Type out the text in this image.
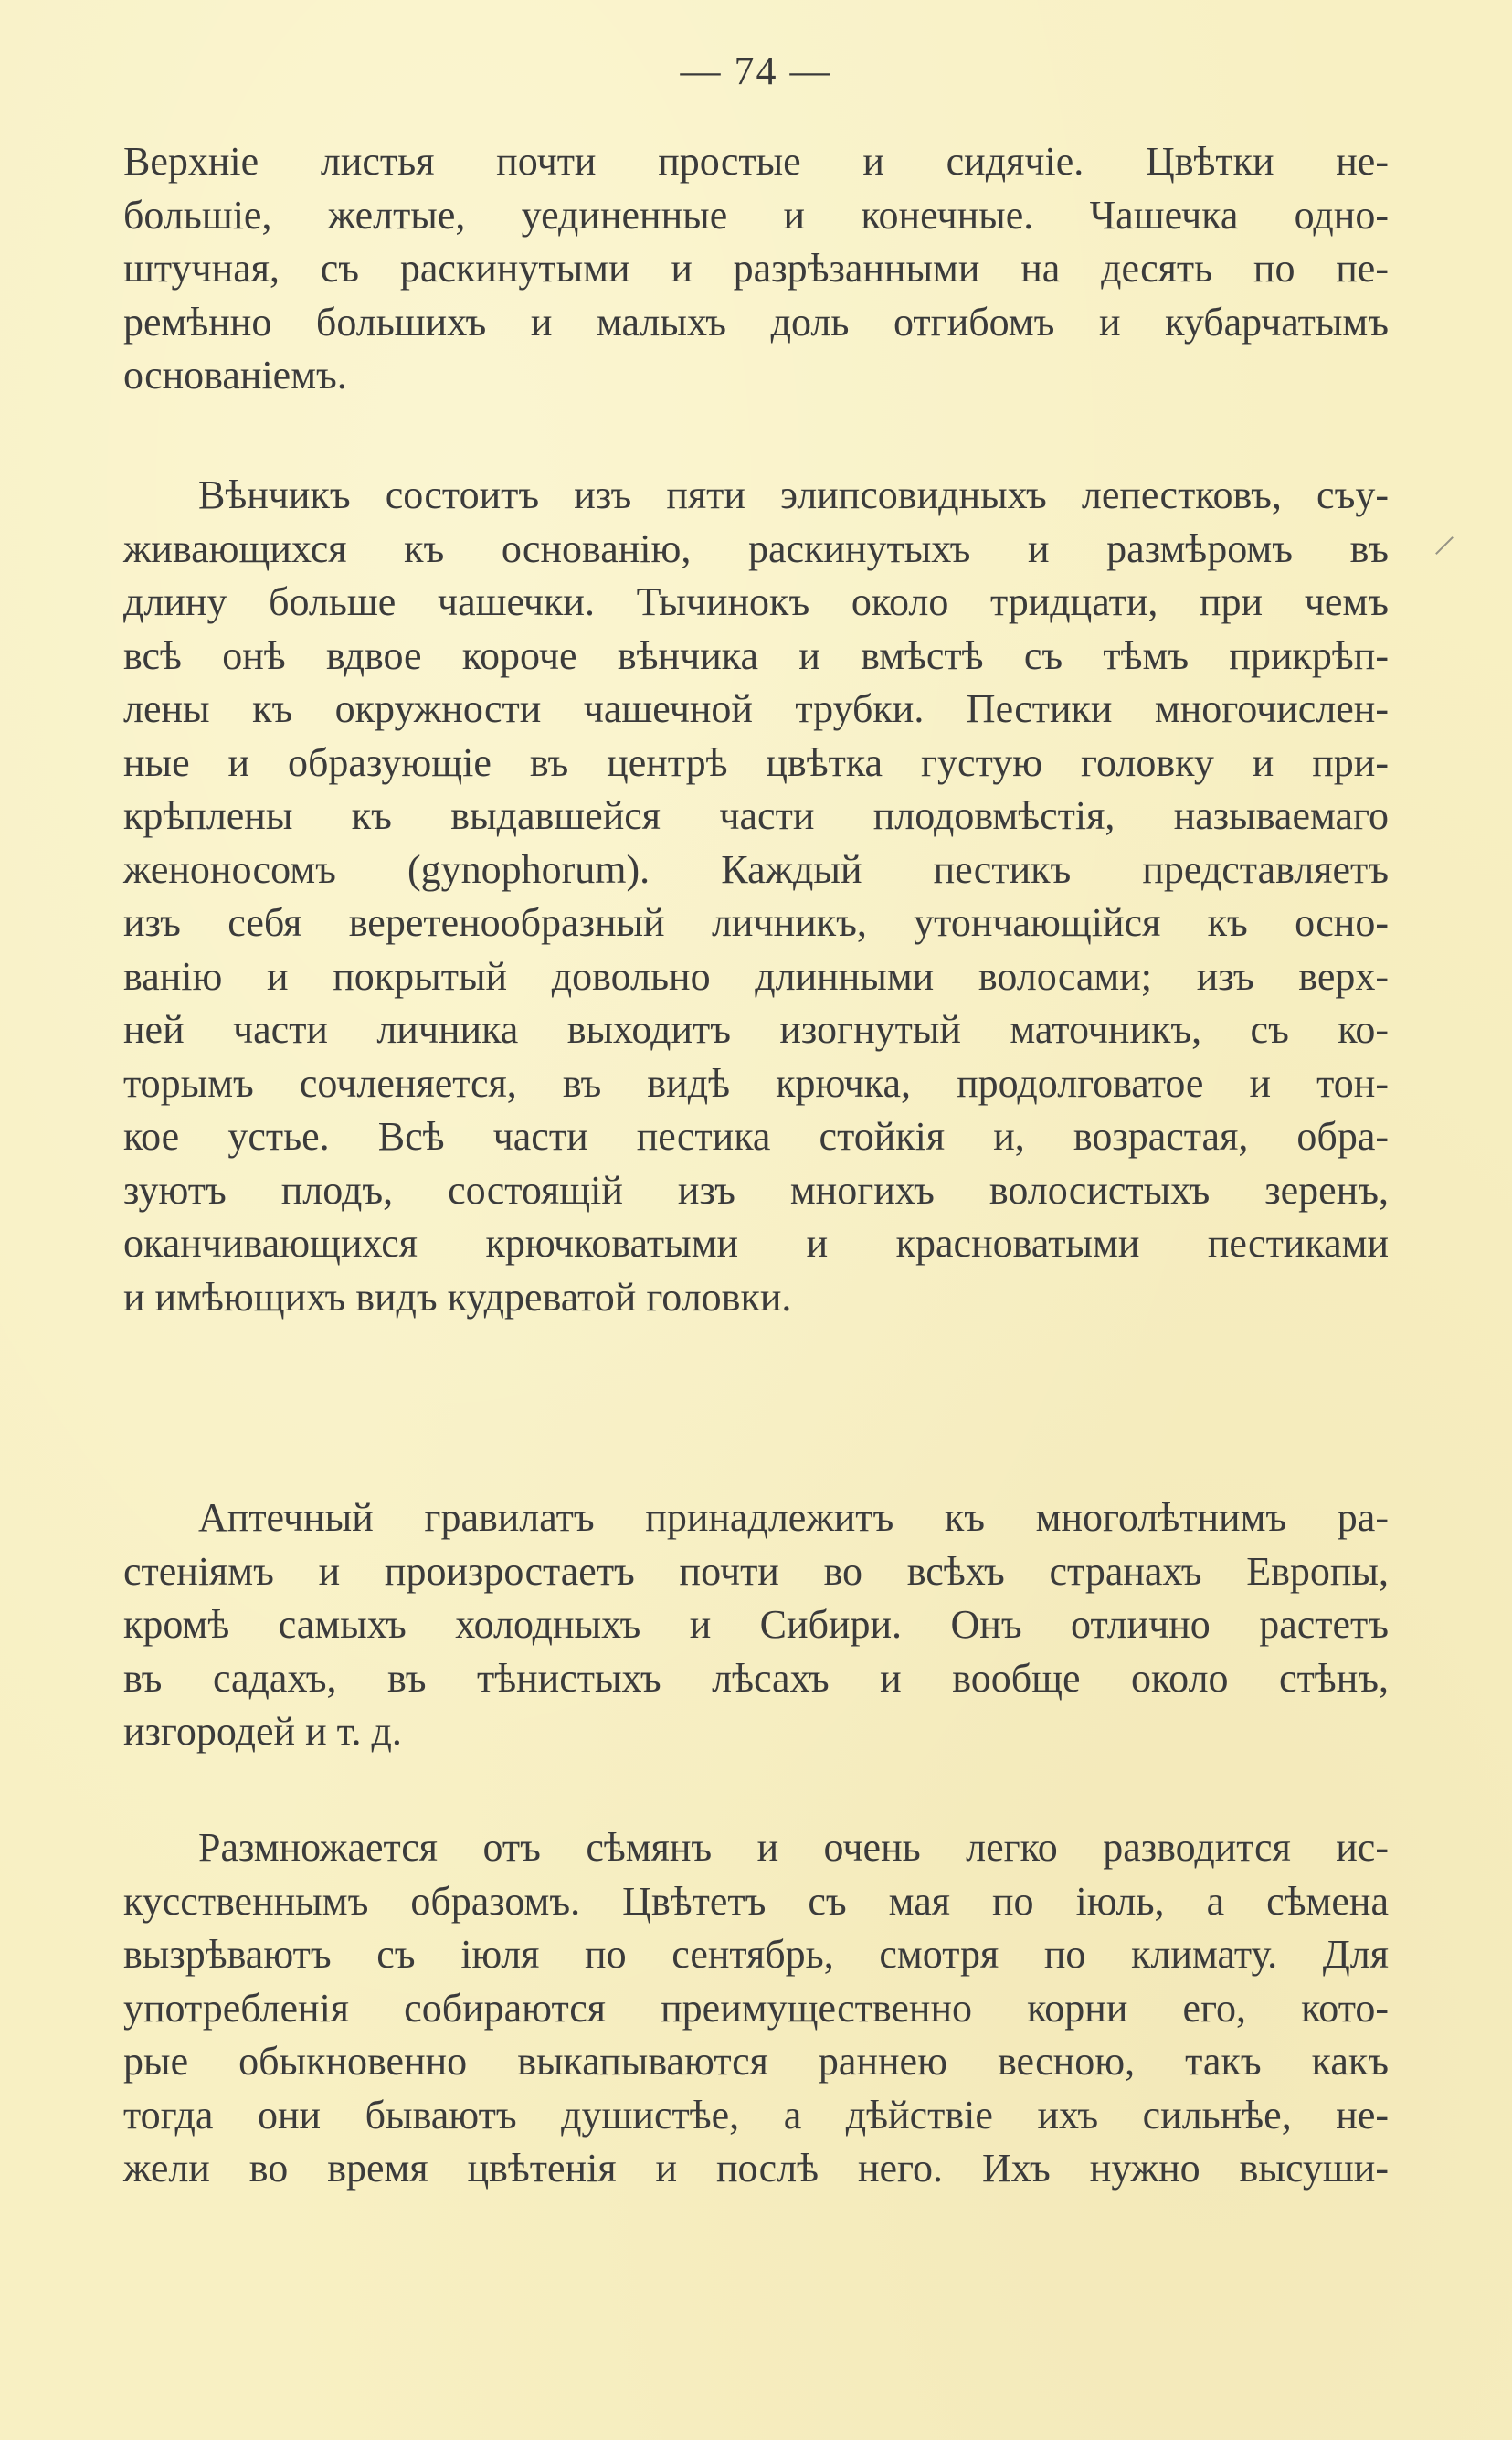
— 74 —
Верхніе листья почти простые и сидячіе. Цвѣтки не-
большіе, желтые, уединенные и конечные. Чашечка одно-
штучная, съ раскинутыми и разрѣзанными на десять по пе-
ремѣнно большихъ и малыхъ доль отгибомъ и кубарчатымъ
основаніемъ.
Вѣнчикъ состоитъ изъ пяти элипсовидныхъ лепестковъ, съу-
живающихся къ основанію, раскинутыхъ и размѣромъ въ
длину больше чашечки. Тычинокъ около тридцати, при чемъ
всѣ онѣ вдвое короче вѣнчика и вмѣстѣ съ тѣмъ прикрѣп-
лены къ окружности чашечной трубки. Пестики многочислен-
ные и образующіе въ центрѣ цвѣтка густую головку и при-
крѣплены къ выдавшейся части плодовмѣстія, называемаго
женоносомъ (gynophorum). Каждый пестикъ представляетъ
изъ себя веретенообразный личникъ, утончающійся къ осно-
ванію и покрытый довольно длинными волосами; изъ верх-
ней части личника выходитъ изогнутый маточникъ, съ ко-
торымъ сочленяется, въ видѣ крючка, продолговатое и тон-
кое устье. Всѣ части пестика стойкія и, возрастая, обра-
зуютъ плодъ, состоящій изъ многихъ волосистыхъ зеренъ,
оканчивающихся крючковатыми и красноватыми пестиками
и имѣющихъ видъ кудреватой головки.
Аптечный гравилатъ принадлежитъ къ многолѣтнимъ ра-
стеніямъ и произростаетъ почти во всѣхъ странахъ Европы,
кромѣ самыхъ холодныхъ и Сибири. Онъ отлично растетъ
въ садахъ, въ тѣнистыхъ лѣсахъ и вообще около стѣнъ,
изгородей и т. д.
Размножается отъ сѣмянъ и очень легко разводится ис-
кусственнымъ образомъ. Цвѣтетъ съ мая по іюль, а сѣмена
вызрѣваютъ съ іюля по сентябрь, смотря по климату. Для
употребленія собираются преимущественно корни его, кото-
рые обыкновенно выкапываются раннею весною, такъ какъ
тогда они бываютъ душистѣе, а дѣйствіе ихъ сильнѣе, не-
жели во время цвѣтенія и послѣ него. Ихъ нужно высуши-
